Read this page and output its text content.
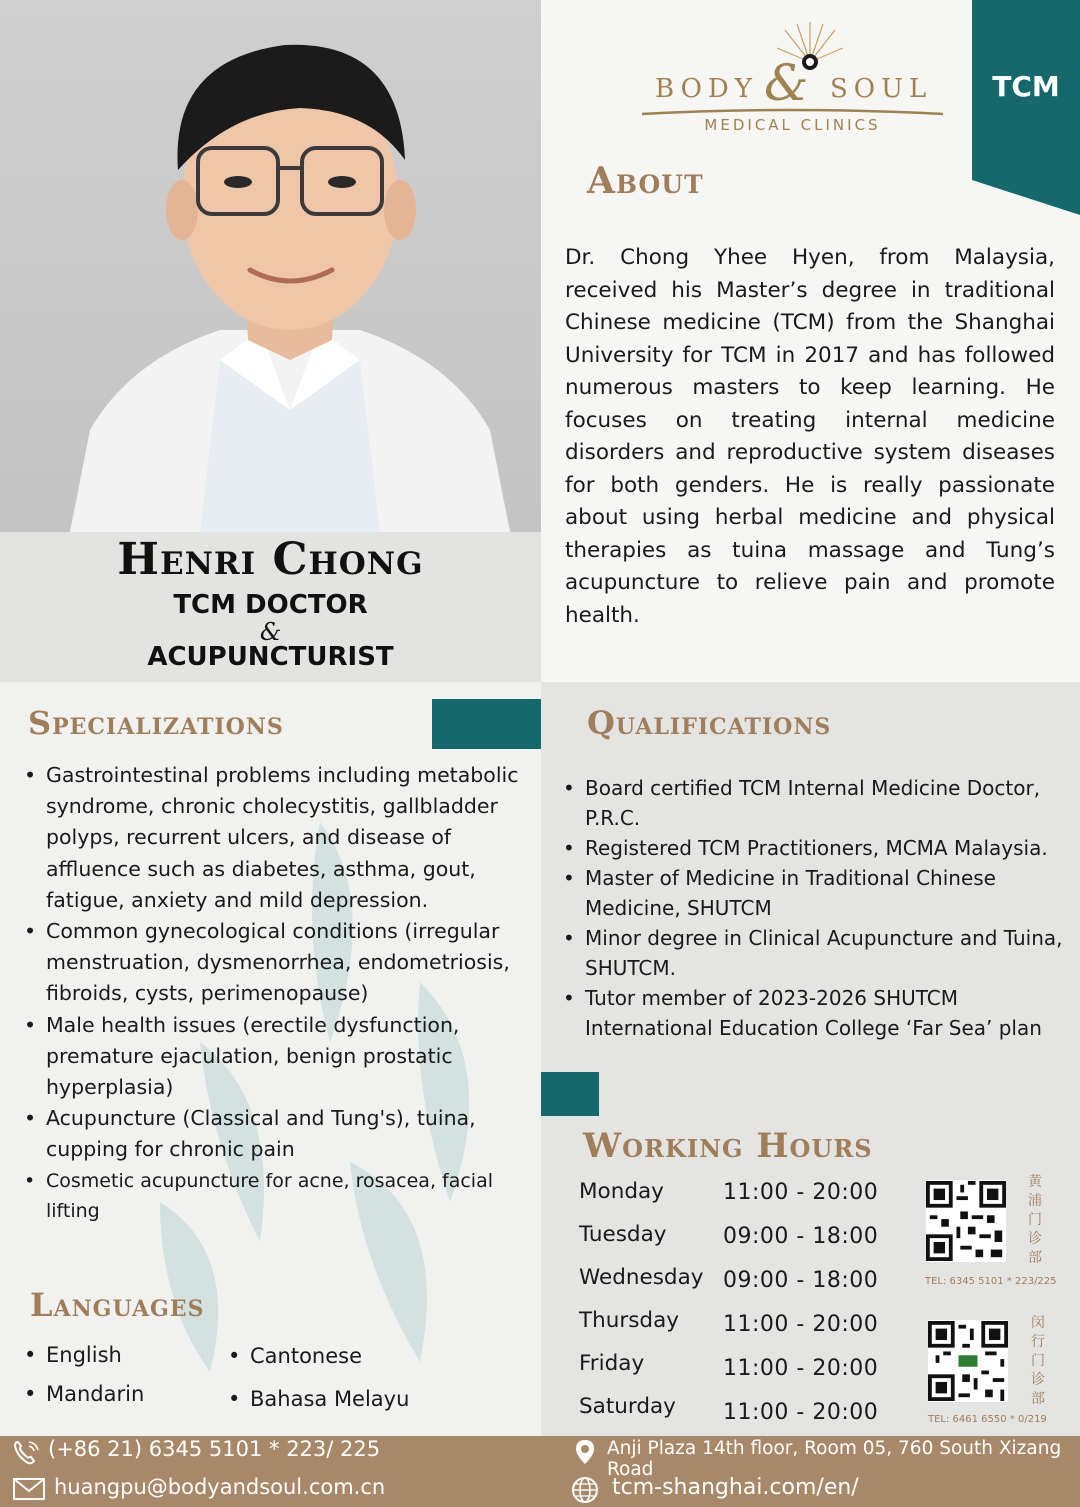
Henri Chong
TCM DOCTOR
&
ACUPUNCTURIST
TCM
BODY & SOUL
MEDICAL CLINICS
About
Dr. Chong Yhee Hyen, from Malaysia, received his Master’s degree in traditional Chinese medicine (TCM) from the Shanghai University for TCM in 2017 and has followed numerous masters to keep learning. He focuses on treating internal medicine disorders and reproductive system diseases for both genders. He is really passionate about using herbal medicine and physical therapies as tuina massage and Tung’s acupuncture to relieve pain and promote health.
Specializations
• Gastrointestinal problems including metabolic syndrome, chronic cholecystitis, gallbladder polyps, recurrent ulcers, and disease of affluence such as diabetes, asthma, gout, fatigue, anxiety and mild depression.
• Common gynecological conditions (irregular menstruation, dysmenorrhea, endometriosis, fibroids, cysts, perimenopause)
• Male health issues (erectile dysfunction, premature ejaculation, benign prostatic hyperplasia)
• Acupuncture (Classical and Tung's), tuina, cupping for chronic pain
• Cosmetic acupuncture for acne, rosacea, facial lifting
Languages
• English
• Mandarin
• Cantonese
• Bahasa Melayu
Qualifications
• Board certified TCM Internal Medicine Doctor, P.R.C.
• Registered TCM Practitioners, MCMA Malaysia.
• Master of Medicine in Traditional Chinese Medicine, SHUTCM
• Minor degree in Clinical Acupuncture and Tuina, SHUTCM.
• Tutor member of 2023-2026 SHUTCM International Education College ‘Far Sea’ plan
Working Hours
Monday	11:00 - 20:00
Tuesday	09:00 - 18:00
Wednesday 09:00 - 18:00
Thursday 11:00 - 20:00
Friday	11:00 - 20:00
Saturday 11:00 - 20:00
黄
浦
门
诊
部
TEL: 6345 5101 * 223/225
闵
行
门
诊
部
TEL: 6461 6550 * 0/219
(+86 21) 6345 5101 * 223/ 225
huangpu@bodyandsoul.com.cn
Anji Plaza 14th floor, Room 05, 760 South Xizang Road
tcm-shanghai.com/en/
